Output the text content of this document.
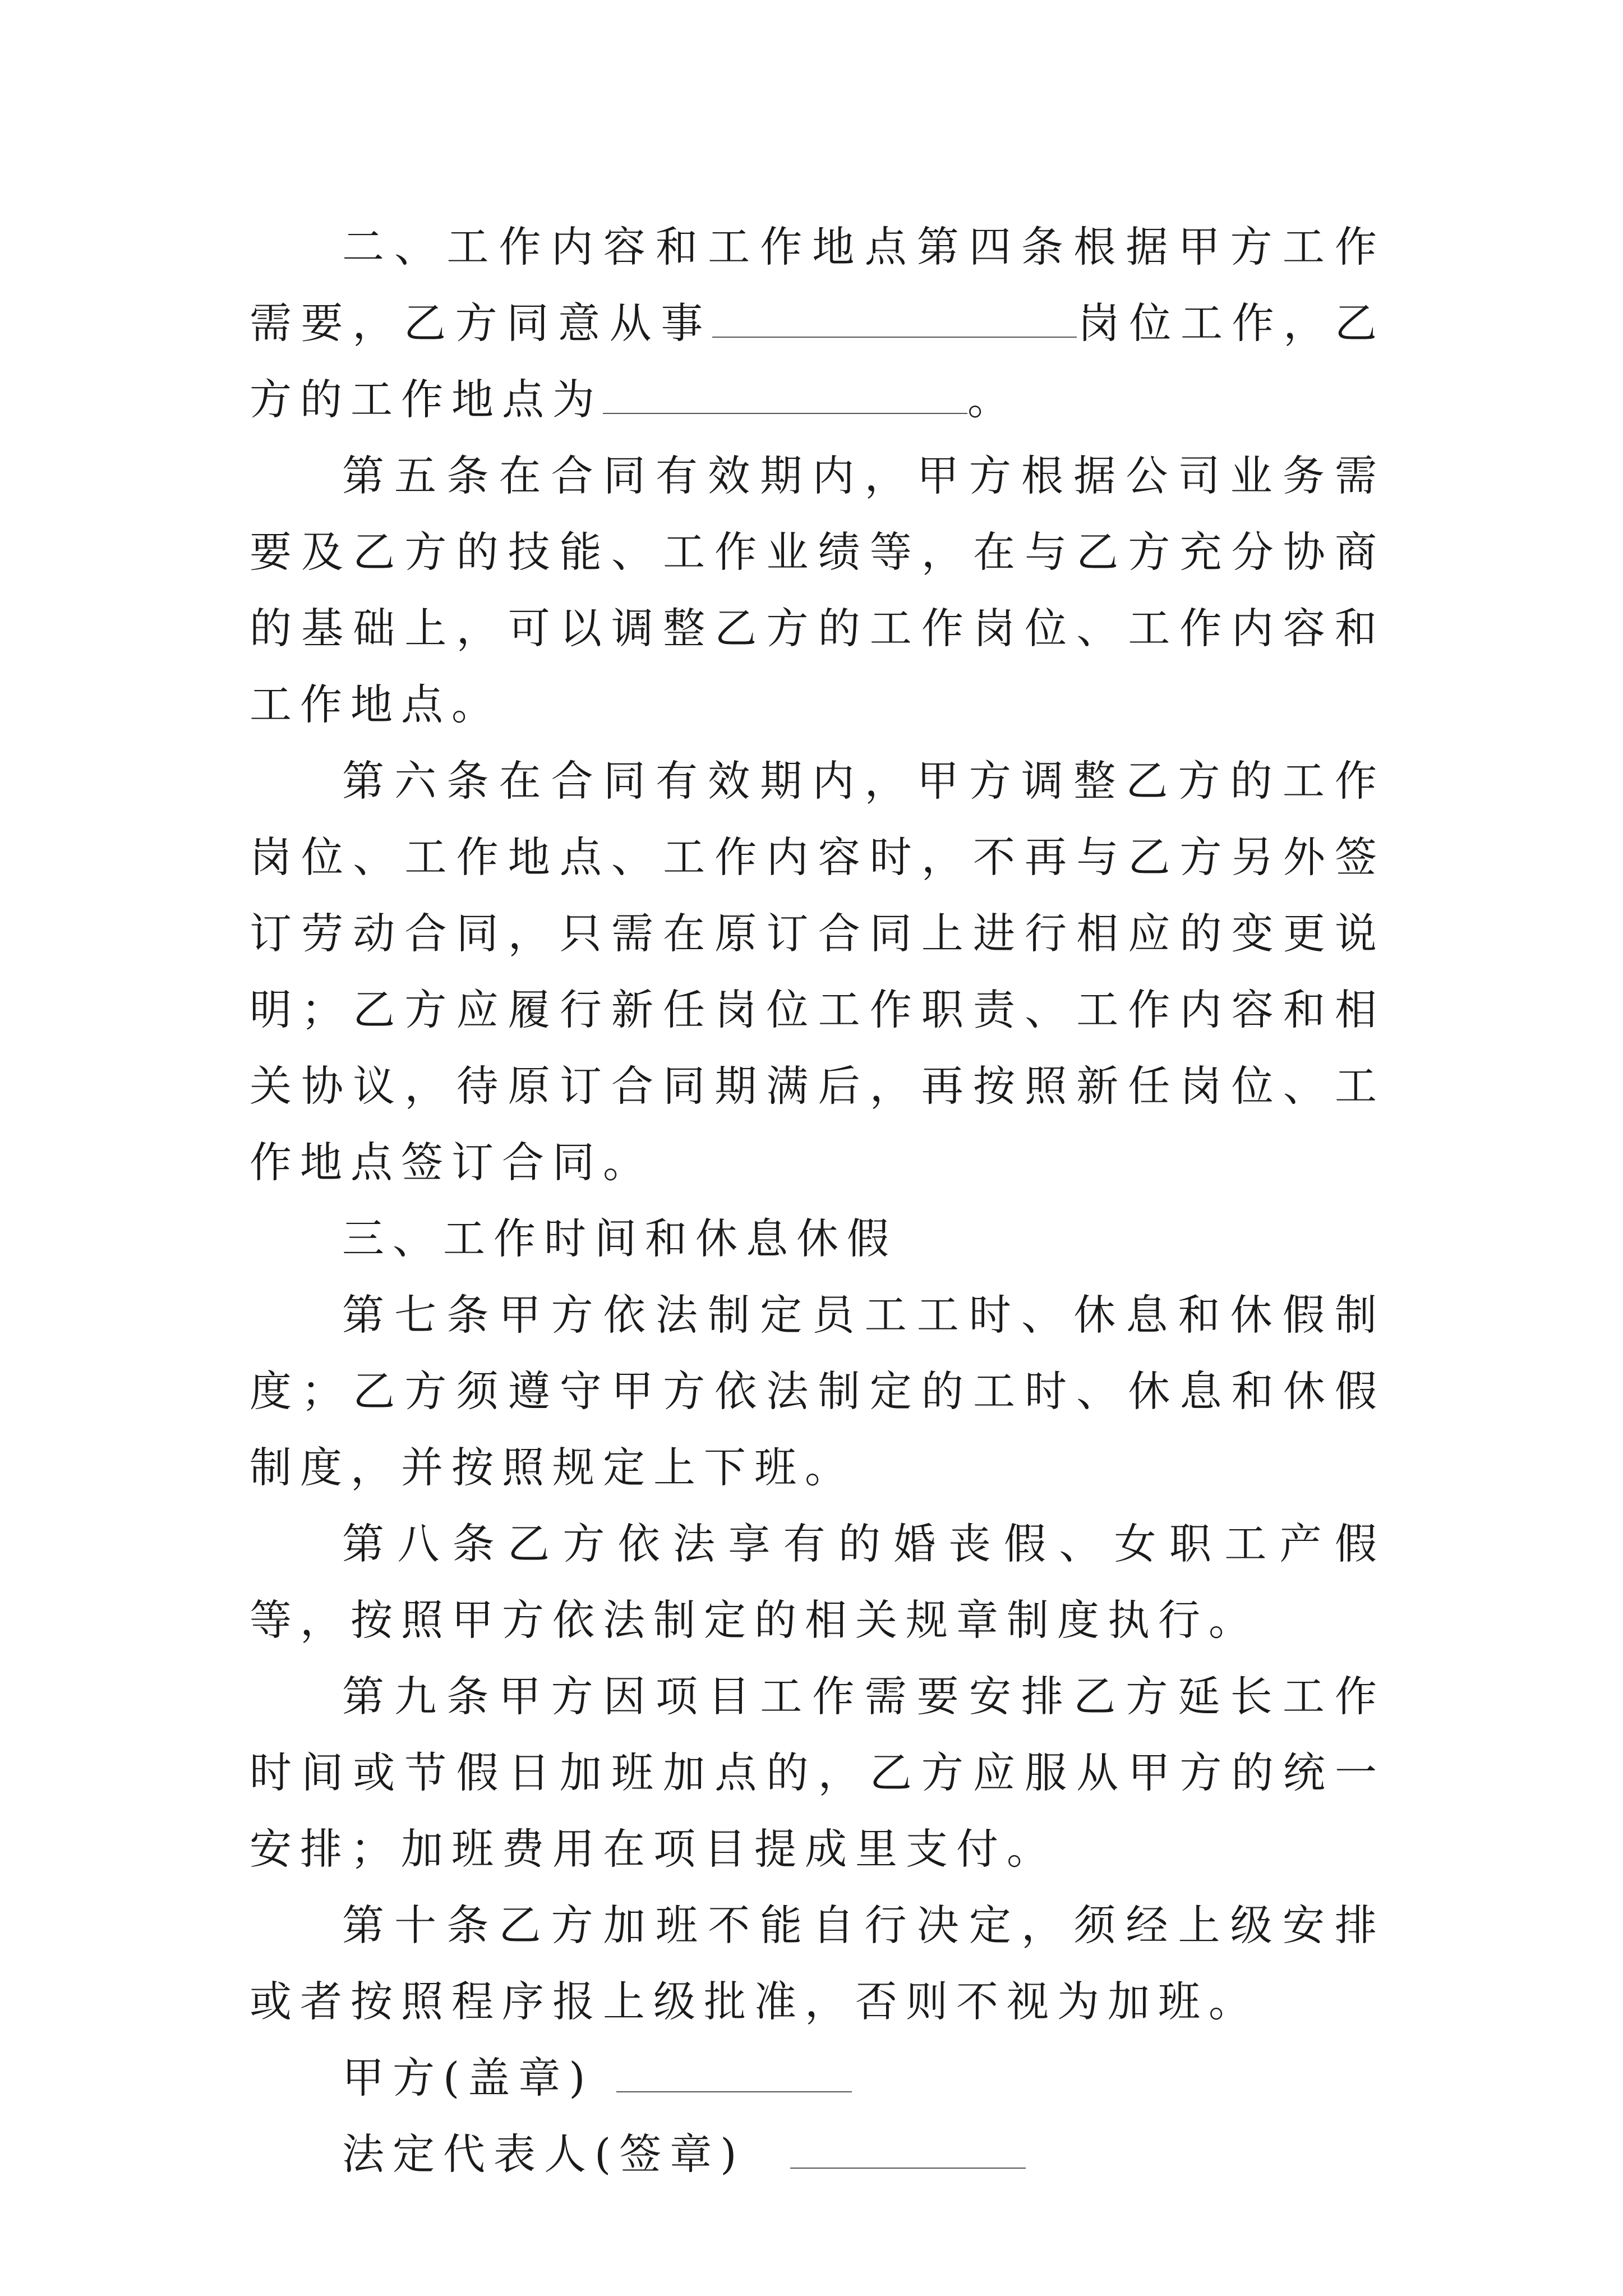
二、工作内容和工作地点第四条根据甲方工作需要，乙方同意从事	岗位工作，乙方的工作地点为	。

第五条在合同有效期内，甲方根据公司业务需要及乙方的技能、工作业绩等，在与乙方充分协商的基础上，可以调整乙方的工作岗位、工作内容和工作地点。

第六条在合同有效期内，甲方调整乙方的工作岗位、工作地点、工作内容时，不再与乙方另外签订劳动合同，只需在原订合同上进行相应的变更说明；乙方应履行新任岗位工作职责、工作内容和相关协议，待原订合同期满后，再按照新任岗位、工作地点签订合同。

三、工作时间和休息休假

第七条甲方依法制定员工工时、休息和休假制度；乙方须遵守甲方依法制定的工时、休息和休假制度，并按照规定上下班。

第八条乙方依法享有的婚丧假、女职工产假等，按照甲方依法制定的相关规章制度执行。

第九条甲方因项目工作需要安排乙方延长工作时间或节假日加班加点的，乙方应服从甲方的统一安排；加班费用在项目提成里支付。

第十条乙方加班不能自行决定，须经上级安排或者按照程序报上级批准，否则不视为加班。

甲方(盖章)

法定代表人(签章)
